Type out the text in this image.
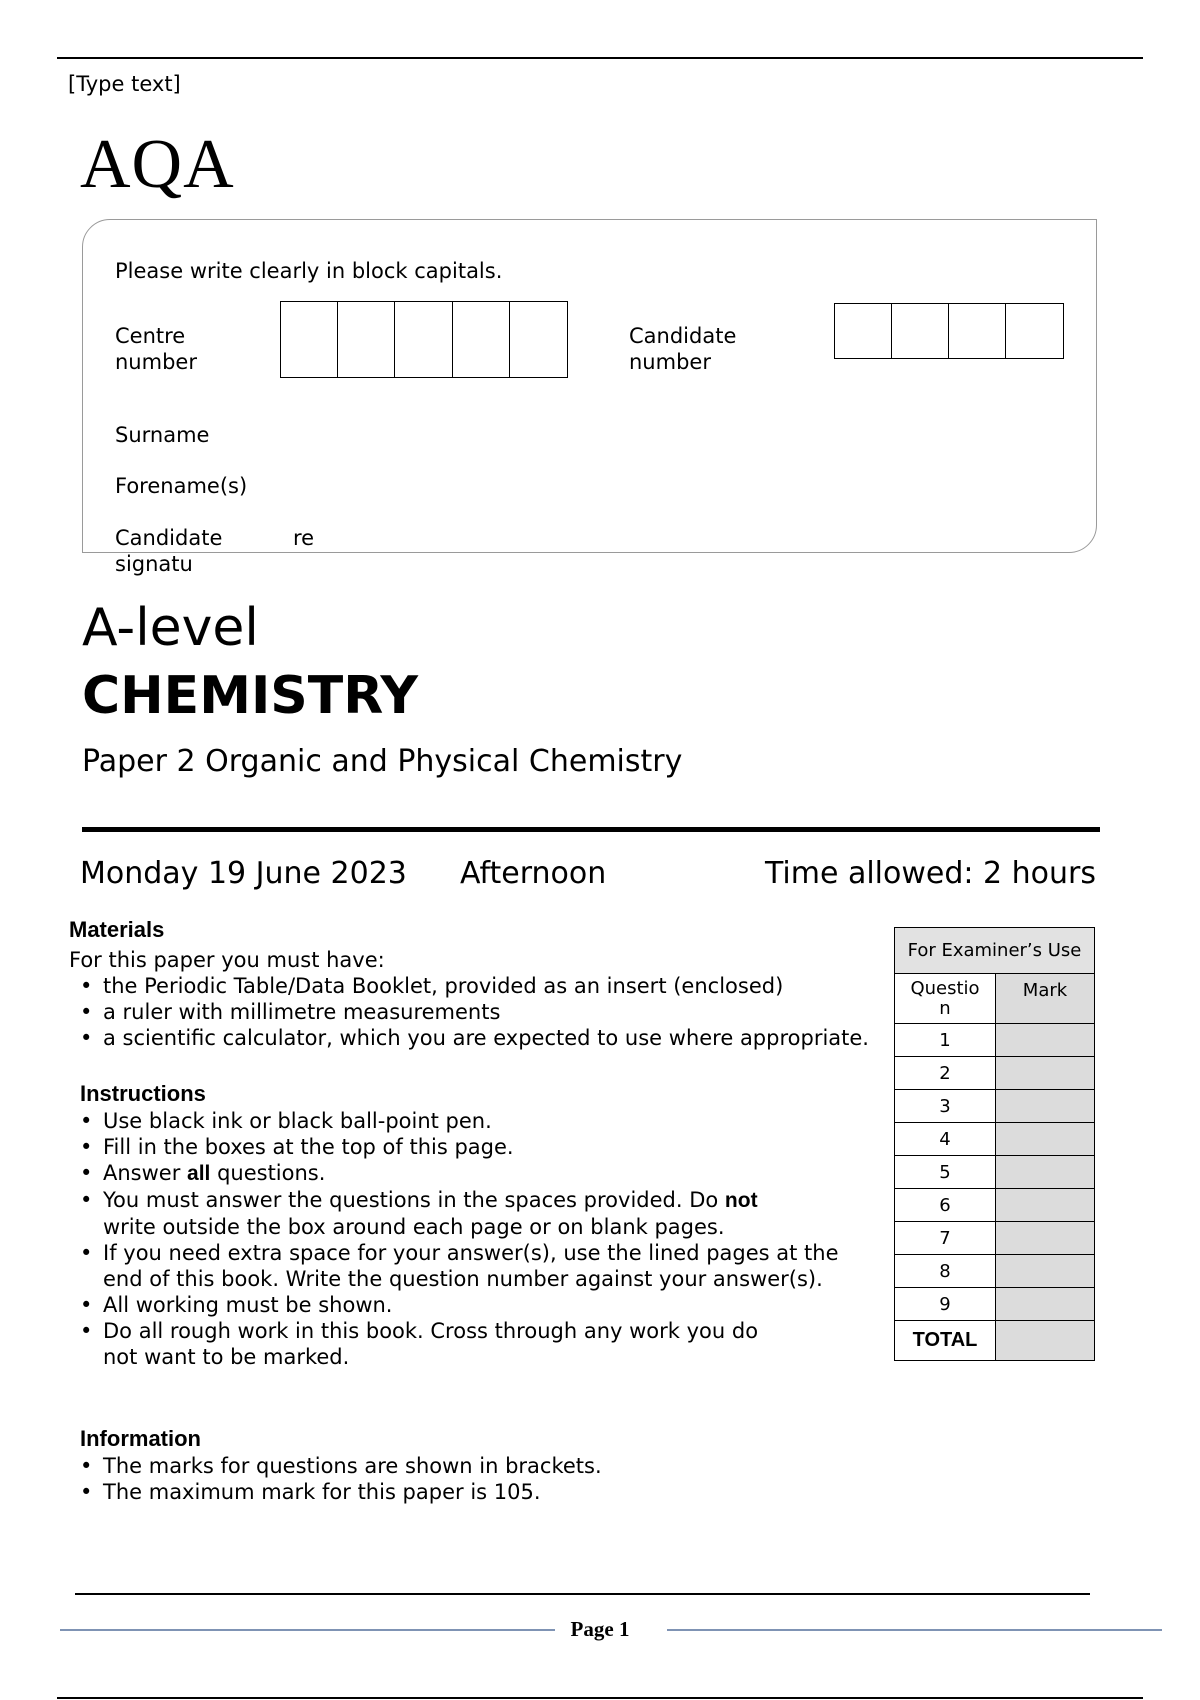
[Type text]
AQA
Please write clearly in block capitals.
Centre
number
Candidate
number
Surname
Forename(s)
Candidate
signatu
re
A-level
CHEMISTRY
Paper 2 Organic and Physical Chemistry
Monday 19 June 2023 Afternoon	Time allowed: 2 hours
Materials
For this paper you must have:
• the Periodic Table/Data Booklet, provided as an insert (enclosed)
• a ruler with millimetre measurements
• a scientific calculator, which you are expected to use where appropriate.
Instructions
• Use black ink or black ball-point pen.
• Fill in the boxes at the top of this page.
• Answer all questions.
• You must answer the questions in the spaces provided. Do not write outside the box around each page or on blank pages.
• If you need extra space for your answer(s), use the lined pages at the end of this book. Write the question number against your answer(s).
• All working must be shown.
• Do all rough work in this book. Cross through any work you do not want to be marked.
Information
• The marks for questions are shown in brackets.
• The maximum mark for this paper is 105.
For Examiner’s Use	

Questio
n	Mark
1	
2	
3	
4	
5	
6	
7	
8	
9	
TOTAL	
Page 1
